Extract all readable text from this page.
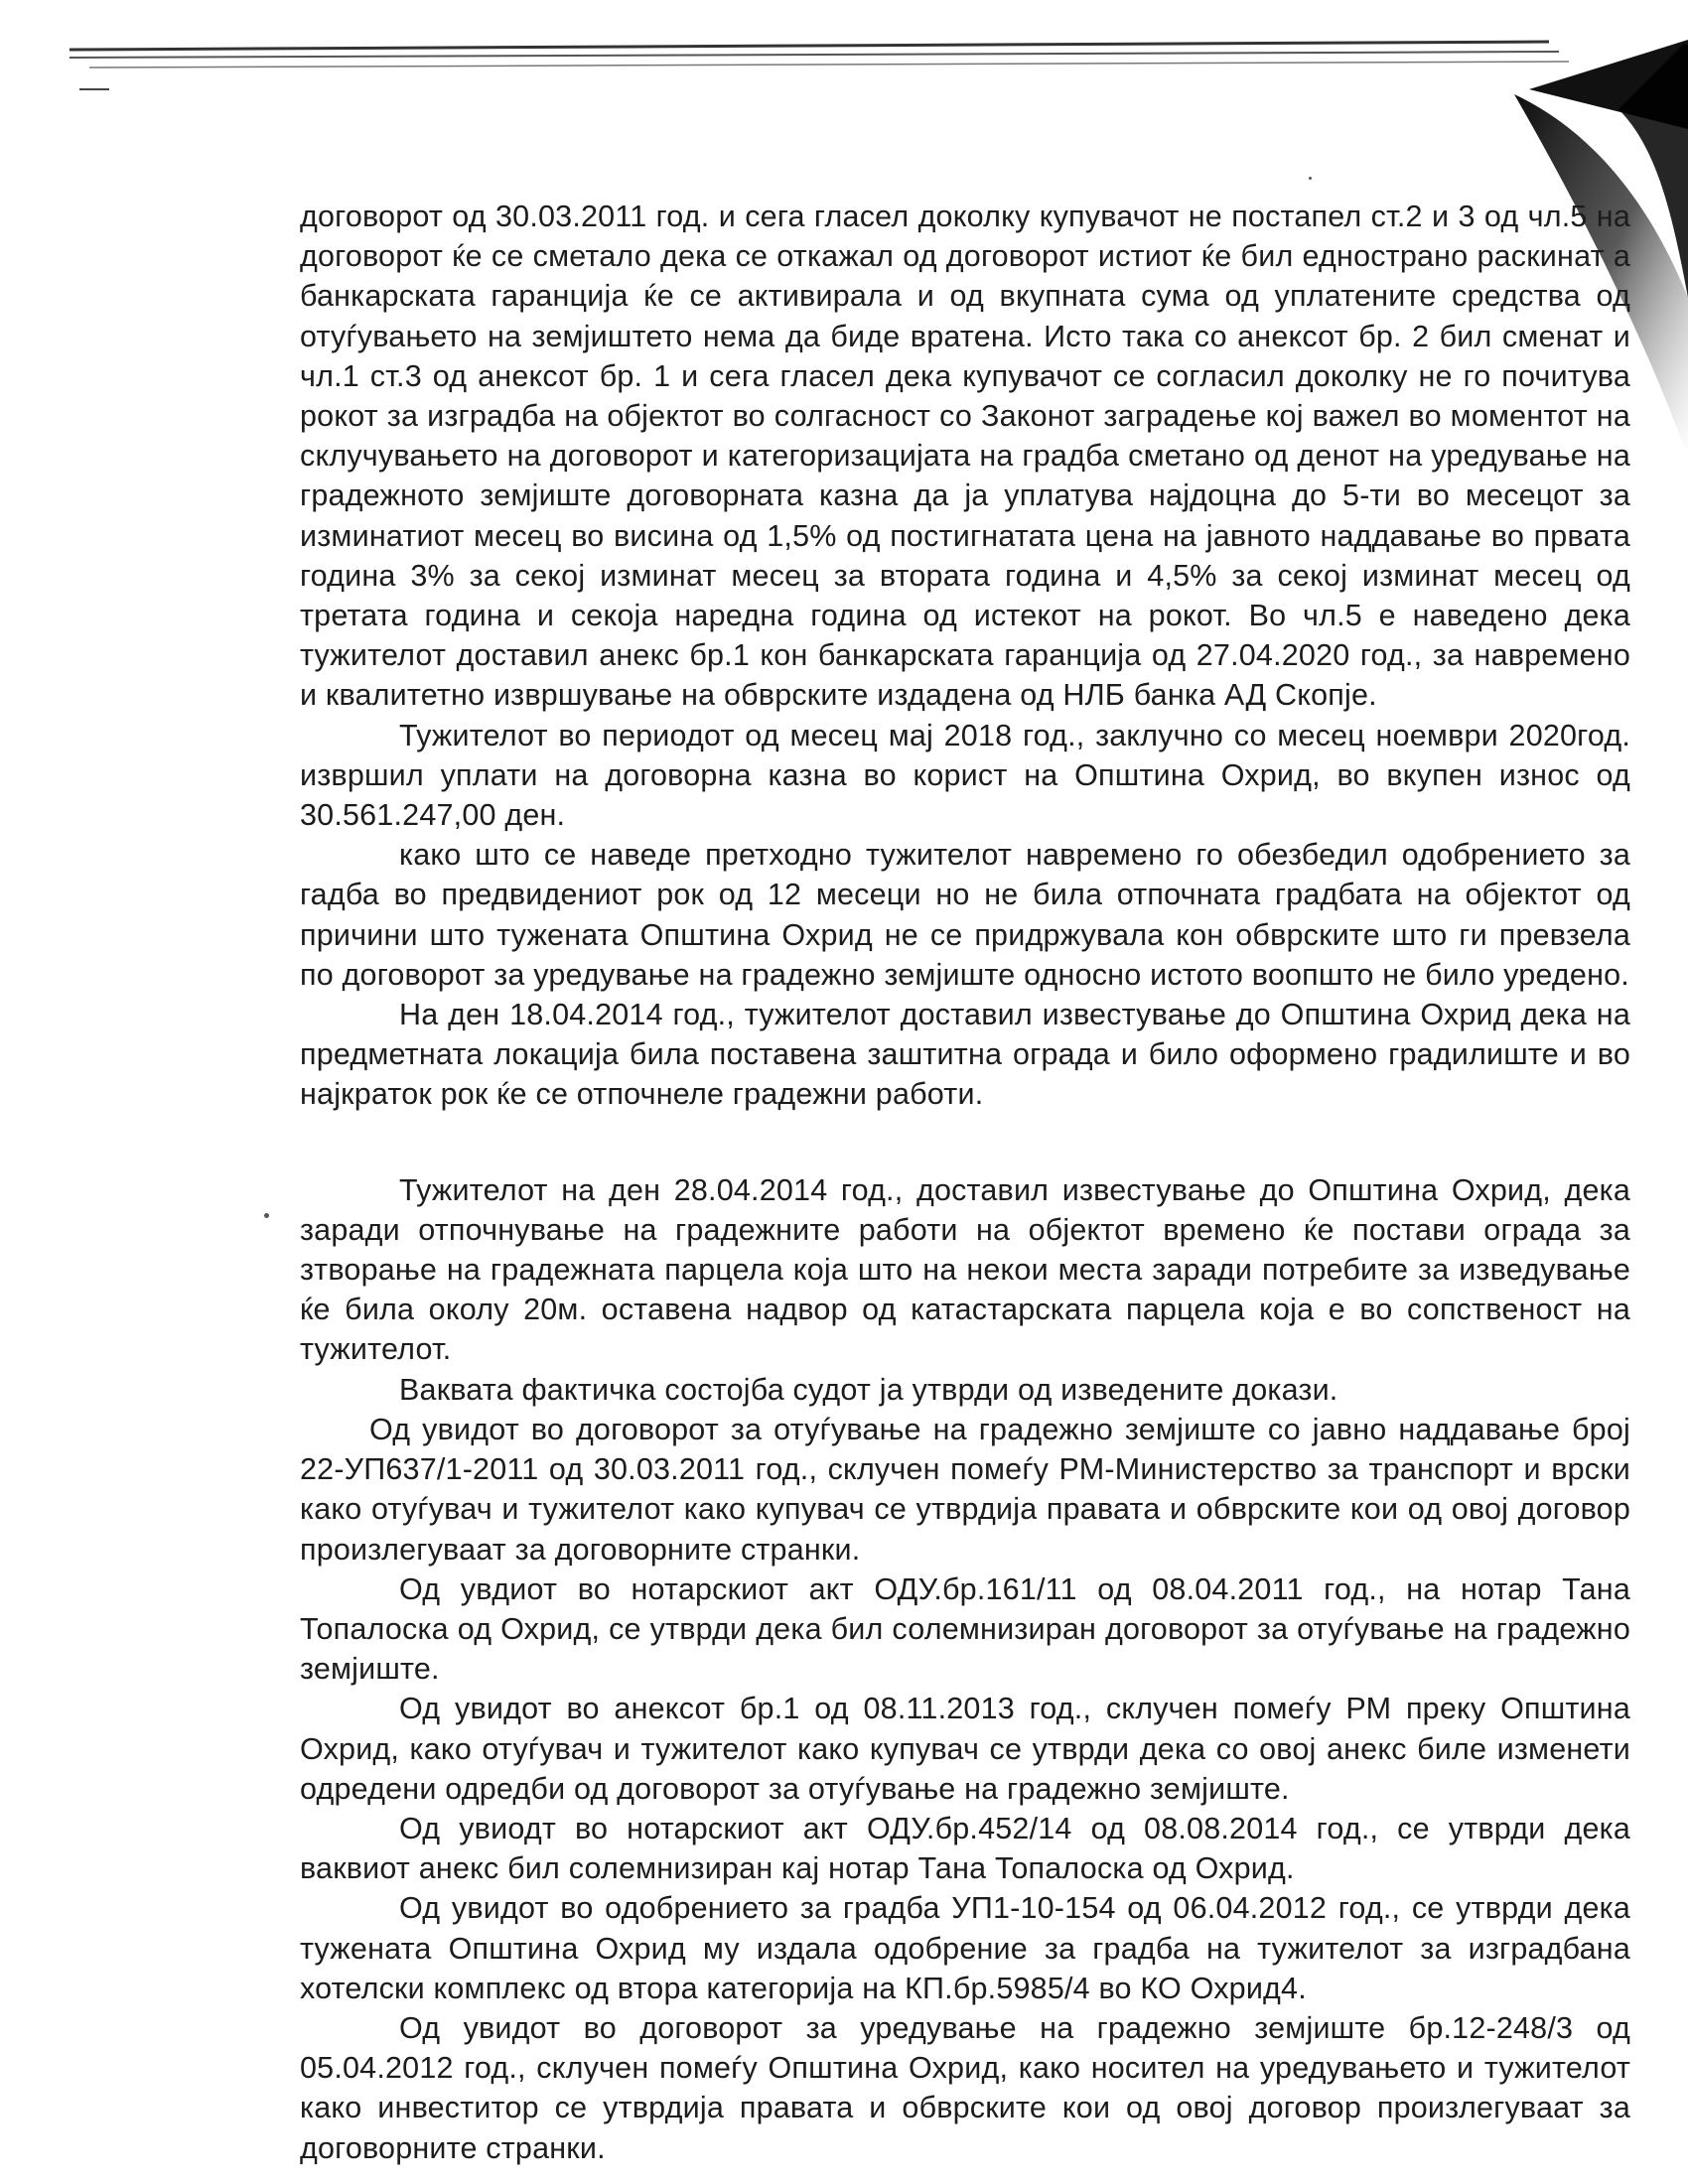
договорот од 30.03.2011 год. и сега гласел доколку купувачот не постапел ст.2 и 3 од чл.5 на договорот ќе се сметало дека се откажал од договорот истиот ќе бил еднострано раскинат а банкарската гаранција ќе се активирала и од вкупната сума од уплатените средства од отуѓувањето на земјиштето нема да биде вратена. Исто така со анексот бр. 2 бил сменат и чл.1 ст.3 од анексот бр. 1 и сега гласел дека купувачот се согласил доколку не го почитува рокот за изградба на објектот во солгасност со Законот заградење кој важел во моментот на склучувањето на договорот и категоризацијата на градба сметано од денот на уредување на градежното земјиште договорната казна да ја уплатува најдоцна до 5-ти во месецот за изминатиот месец во висина од 1,5% од постигнатата цена на јавното наддавање во првата година 3% за секој изминат месец за втората година и 4,5% за секој изминат месец од третата година и секоја наредна година од истекот на рокот. Во чл.5 е наведено дека тужителот доставил анекс бр.1 кон банкарската гаранција од 27.04.2020 год., за навремено и квалитетно извршување на обврските издадена од НЛБ банка АД Скопје.

Тужителот во периодот од месец мај 2018 год., заклучно со месец ноември 2020год. извршил уплати на договорна казна во корист на Општина Охрид, во вкупен износ од 30.561.247,00 ден.

како што се наведе претходно тужителот навремено го обезбедил одобрението за гадба во предвидениот рок од 12 месеци но не била отпочната градбата на објектот од причини што тужената Општина Охрид не се придржувала кон обврските што ги превзела по договорот за уредување на градежно земјиште односно истото воопшто не било уредено.

На ден 18.04.2014 год., тужителот доставил известување до Општина Охрид дека на предметната локација била поставена заштитна ограда и било оформено градилиште и во најкраток рок ќе се отпочнеле градежни работи.

Тужителот на ден 28.04.2014 год., доставил известување до Општина Охрид, дека заради отпочнување на градежните работи на објектот времено ќе постави ограда за зтворање на градежната парцела која што на некои места заради потребите за изведување ќе била околу 20м. оставена надвор од катастарската парцела која е во сопственост на тужителот.

Ваквата фактичка состојба судот ја утврди од изведените докази.

Од увидот во договорот за отуѓување на градежно земјиште со јавно наддавање број 22-УП637/1-2011 од 30.03.2011 год., склучен помеѓу РМ-Министерство за транспорт и врски како отуѓувач и тужителот како купувач се утврдија правата и обврските кои од овој договор произлегуваат за договорните странки.

Од увдиот во нотарскиот акт ОДУ.бр.161/11 од 08.04.2011 год., на нотар Тана Топалоска од Охрид, се утврди дека бил солемнизиран договорот за отуѓување на градежно земјиште.

Од увидот во анексот бр.1 од 08.11.2013 год., склучен помеѓу РМ преку Општина Охрид, како отуѓувач и тужителот како купувач се утврди дека со овој анекс биле изменети одредени одредби од договорот за отуѓување на градежно земјиште.

Од увиодт во нотарскиот акт ОДУ.бр.452/14 од 08.08.2014 год., се утврди дека ваквиот анекс бил солемнизиран кај нотар Тана Топалоска од Охрид.

Од увидот во одобрението за градба УП1-10-154 од 06.04.2012 год., се утврди дека тужената Општина Охрид му издала одобрение за градба на тужителот за изградбана хотелски комплекс од втора категорија на КП.бр.5985/4 во КО Охрид4.

Од увидот во договорот за уредување на градежно земјиште бр.12-248/3 од 05.04.2012 год., склучен помеѓу Општина Охрид, како носител на уредувањето и тужителот како инвеститор се утврдија правата и обврските кои од овој договор произлегуваат за договорните странки.
